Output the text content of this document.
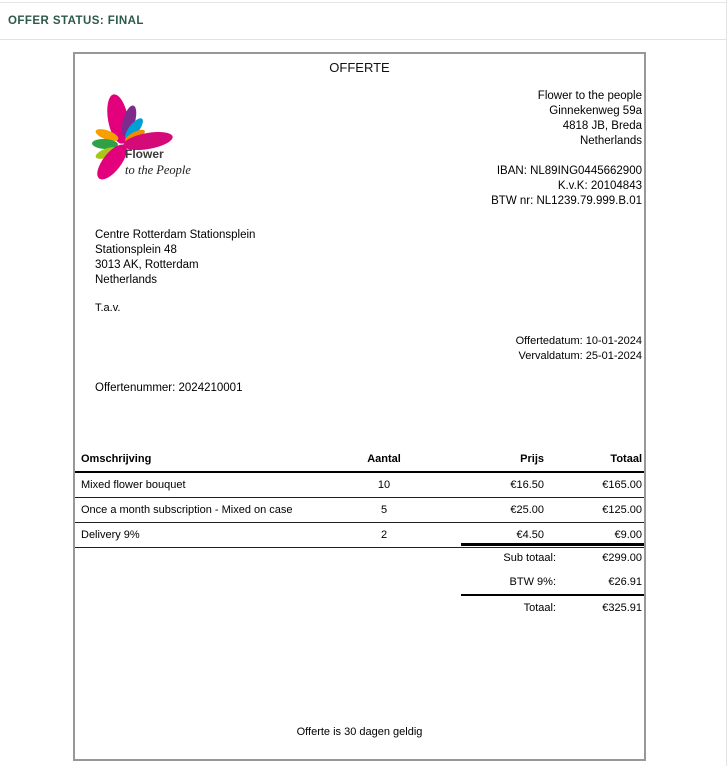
OFFER STATUS: FINAL
OFFERTE
Flower
to the People
Flower to the people
Ginnekenweg 59a
4818 JB, Breda
Netherlands
IBAN: NL89ING0445662900
K.v.K: 20104843
BTW nr: NL1239.79.999.B.01
Centre Rotterdam Stationsplein
Stationsplein 48
3013 AK, Rotterdam
Netherlands
T.a.v.
Offertedatum: 10-01-2024
Vervaldatum: 25-01-2024
Offertenummer: 2024210001
Omschrijving	Aantal	Prijs	Totaal
Mixed flower bouquet	10	€16.50	€165.00
Once a month subscription - Mixed on case	5	€25.00	€125.00
Delivery 9%	2	€4.50	€9.00
Sub totaal:	€299.00
BTW 9%:	€26.91
Totaal:	€325.91
Offerte is 30 dagen geldig
